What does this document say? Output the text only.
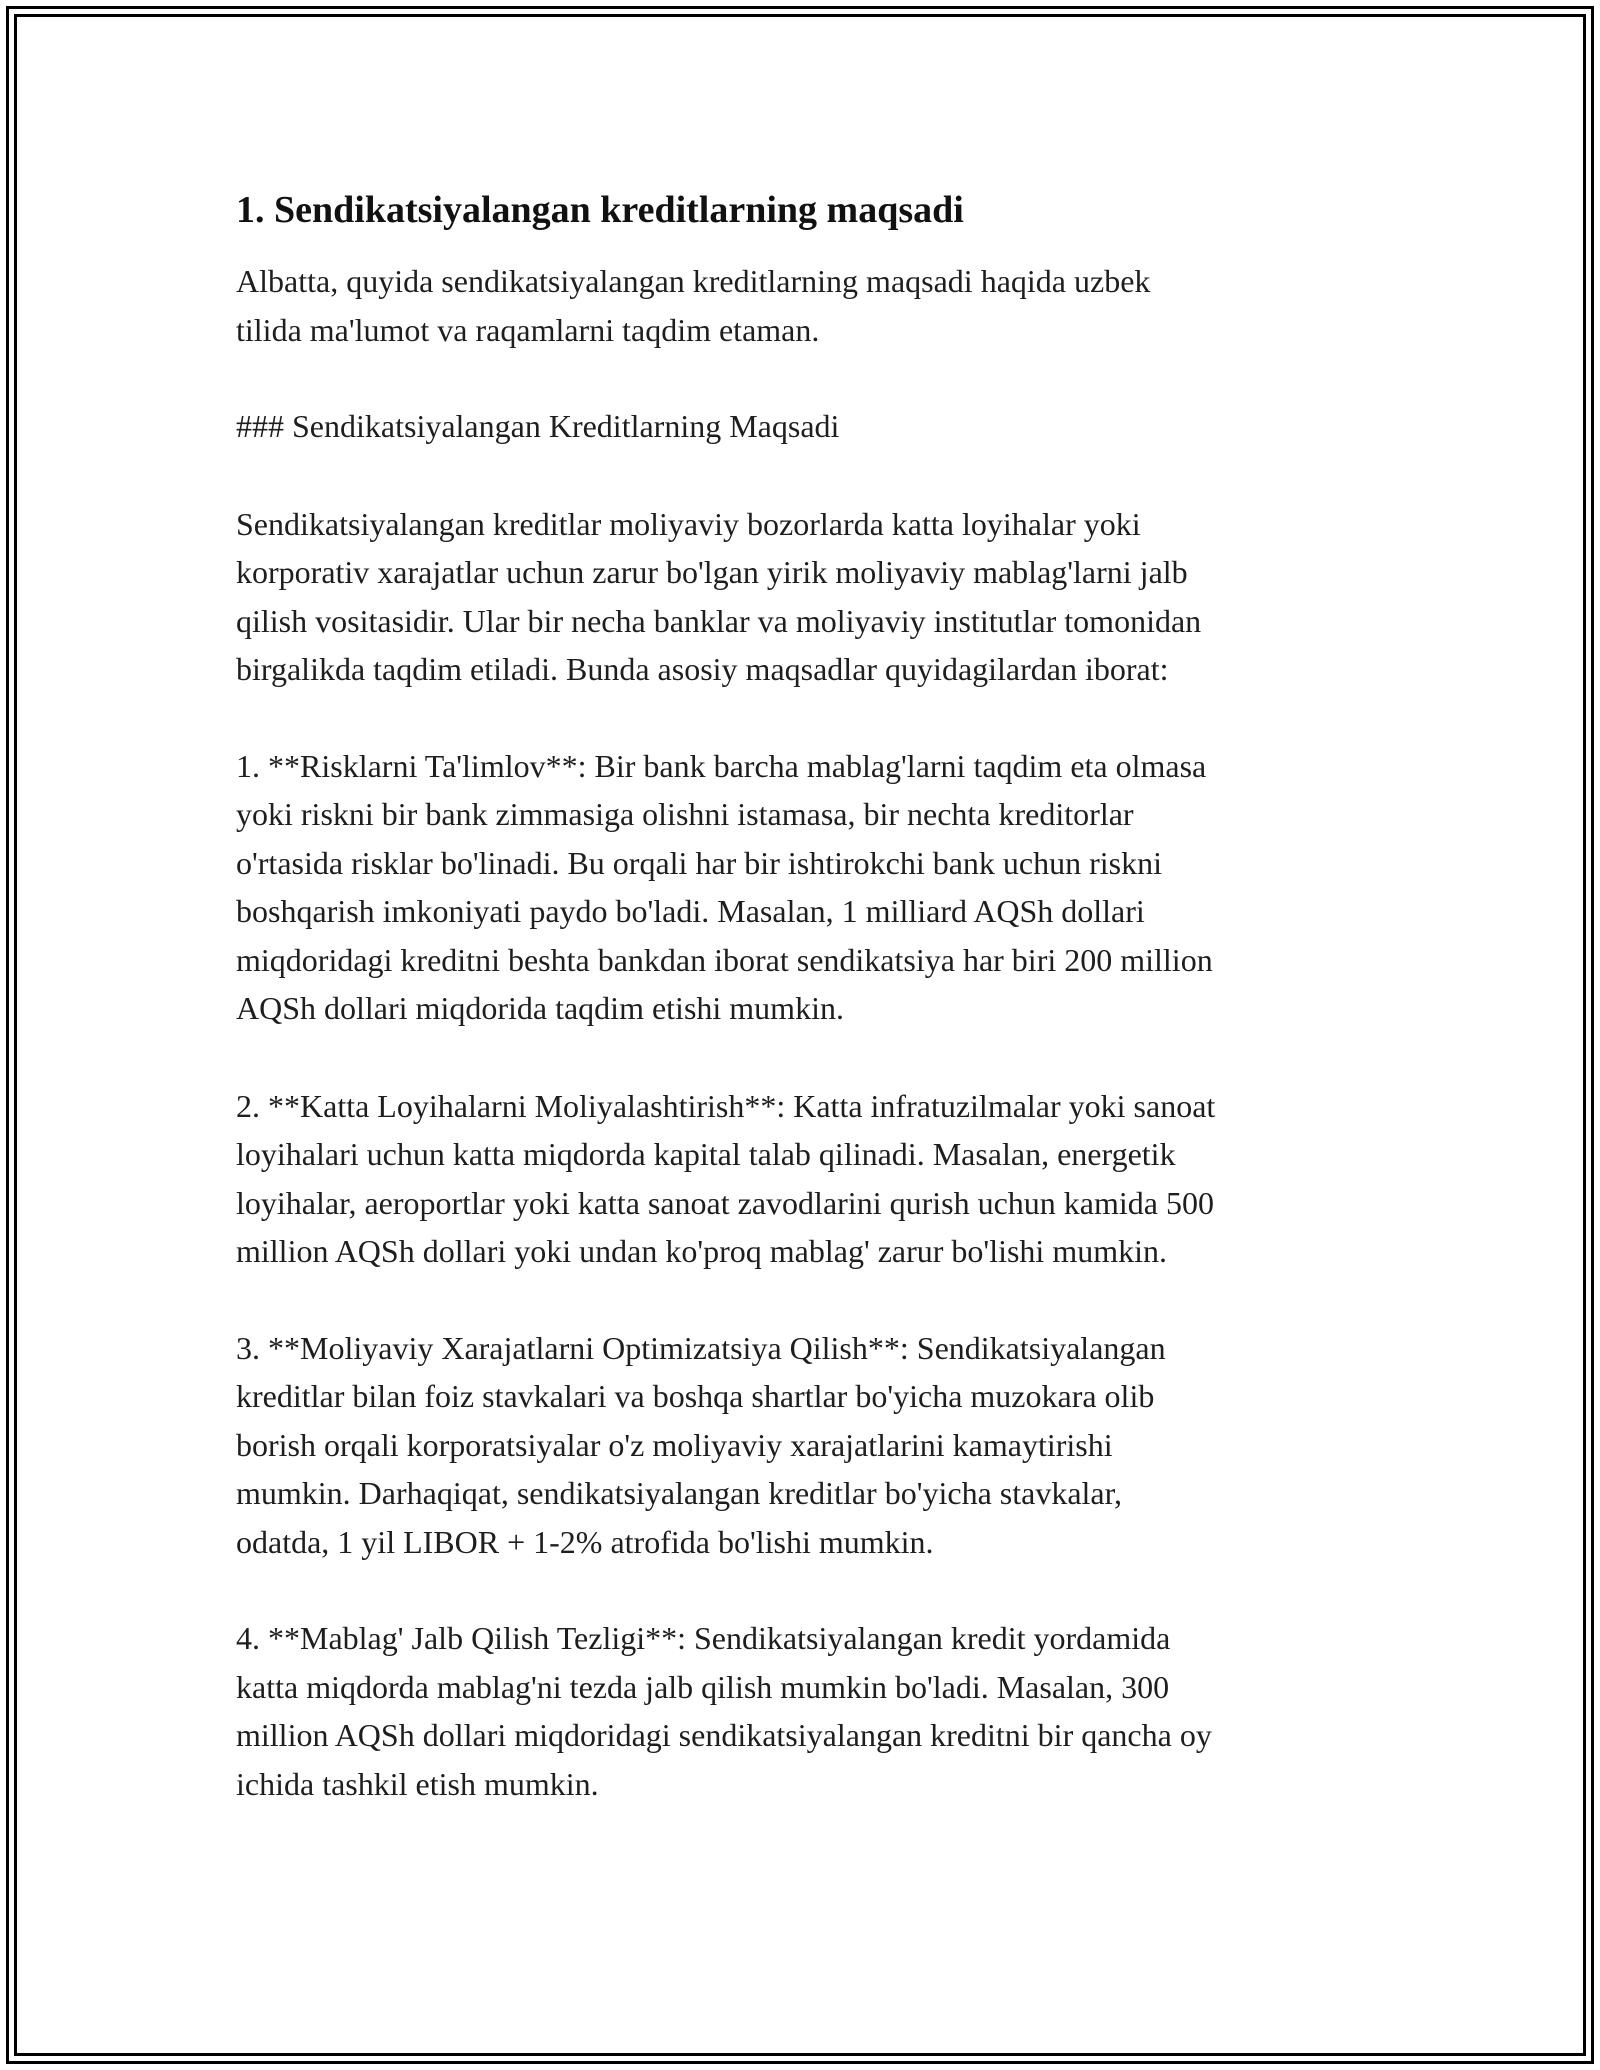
1. Sendikatsiyalangan kreditlarning maqsadi

Albatta, quyida sendikatsiyalangan kreditlarning maqsadi haqida uzbek
tilida ma'lumot va raqamlarni taqdim etaman.

### Sendikatsiyalangan Kreditlarning Maqsadi

Sendikatsiyalangan kreditlar moliyaviy bozorlarda katta loyihalar yoki
korporativ xarajatlar uchun zarur bo'lgan yirik moliyaviy mablag'larni jalb
qilish vositasidir. Ular bir necha banklar va moliyaviy institutlar tomonidan
birgalikda taqdim etiladi. Bunda asosiy maqsadlar quyidagilardan iborat:

1. **Risklarni Ta'limlov**: Bir bank barcha mablag'larni taqdim eta olmasa
yoki riskni bir bank zimmasiga olishni istamasa, bir nechta kreditorlar
o'rtasida risklar bo'linadi. Bu orqali har bir ishtirokchi bank uchun riskni
boshqarish imkoniyati paydo bo'ladi. Masalan, 1 milliard AQSh dollari
miqdoridagi kreditni beshta bankdan iborat sendikatsiya har biri 200 million
AQSh dollari miqdorida taqdim etishi mumkin.

2. **Katta Loyihalarni Moliyalashtirish**: Katta infratuzilmalar yoki sanoat
loyihalari uchun katta miqdorda kapital talab qilinadi. Masalan, energetik
loyihalar, aeroportlar yoki katta sanoat zavodlarini qurish uchun kamida 500
million AQSh dollari yoki undan ko'proq mablag' zarur bo'lishi mumkin.

3. **Moliyaviy Xarajatlarni Optimizatsiya Qilish**: Sendikatsiyalangan
kreditlar bilan foiz stavkalari va boshqa shartlar bo'yicha muzokara olib
borish orqali korporatsiyalar o'z moliyaviy xarajatlarini kamaytirishi
mumkin. Darhaqiqat, sendikatsiyalangan kreditlar bo'yicha stavkalar,
odatda, 1 yil LIBOR + 1-2% atrofida bo'lishi mumkin.

4. **Mablag' Jalb Qilish Tezligi**: Sendikatsiyalangan kredit yordamida
katta miqdorda mablag'ni tezda jalb qilish mumkin bo'ladi. Masalan, 300
million AQSh dollari miqdoridagi sendikatsiyalangan kreditni bir qancha oy
ichida tashkil etish mumkin.
